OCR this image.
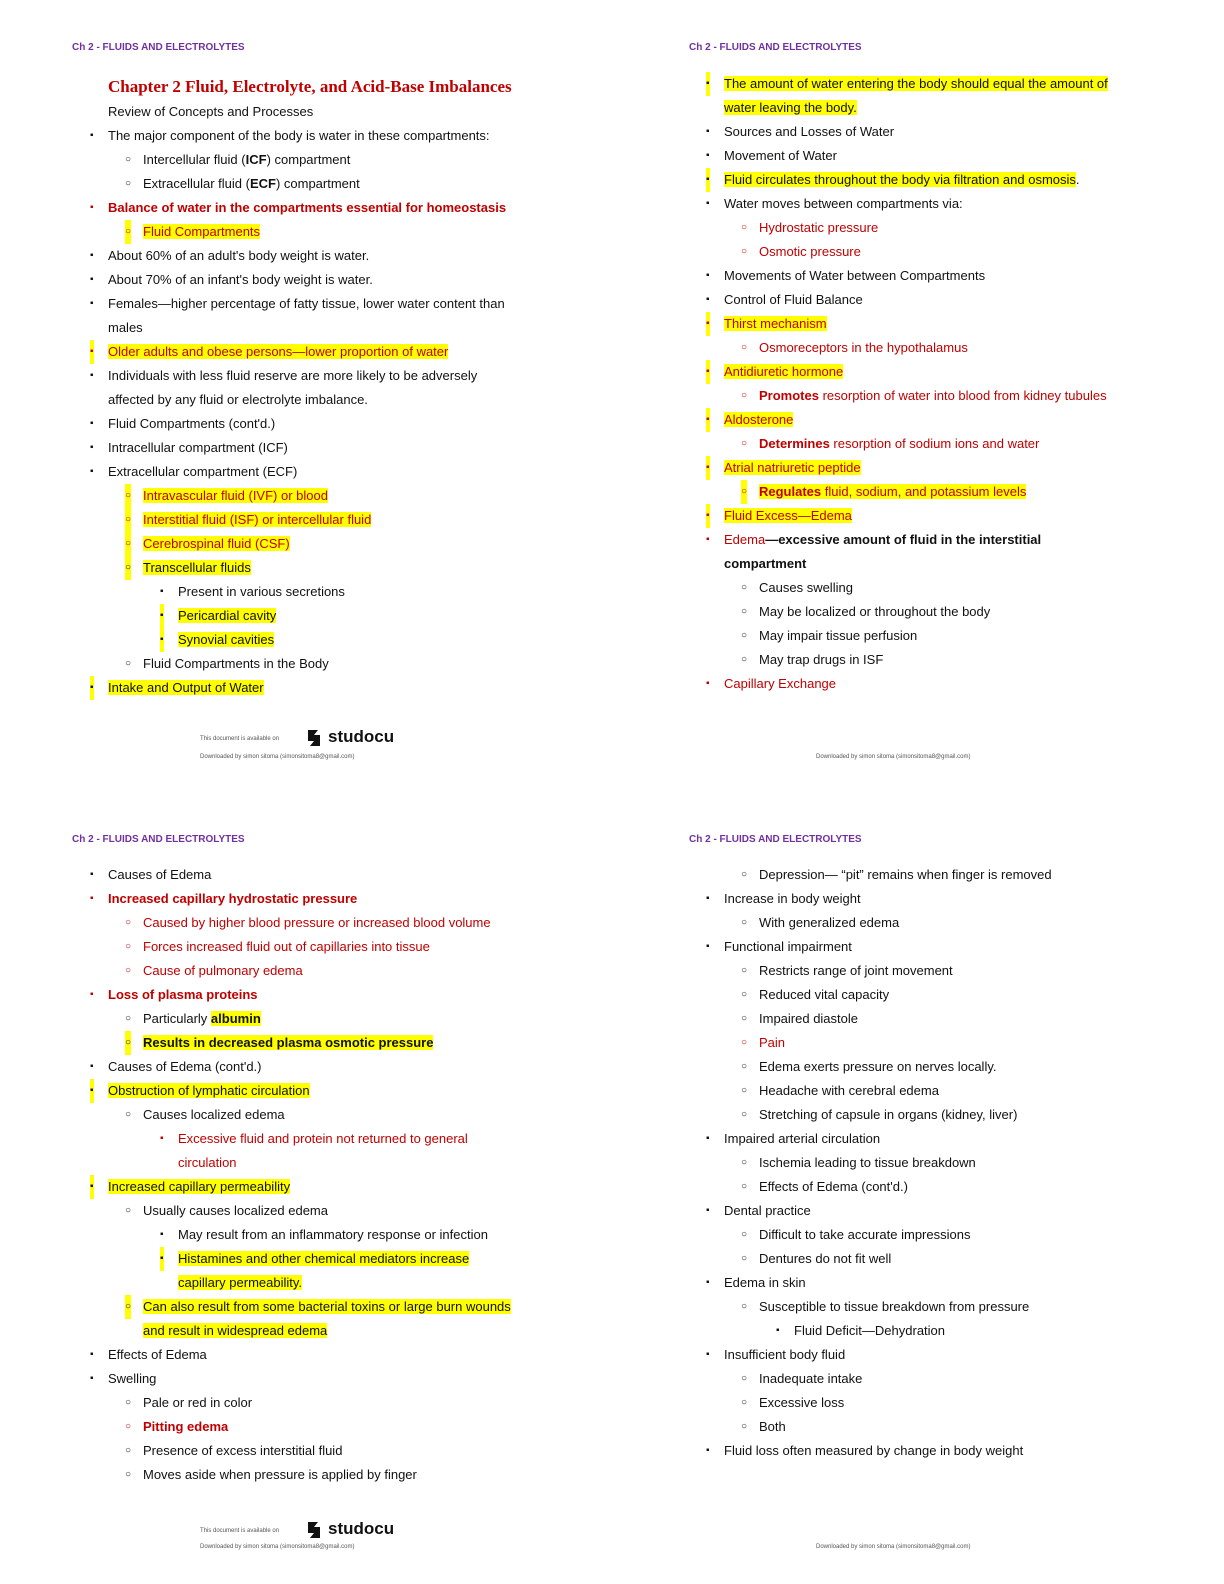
Ch 2 - FLUIDS AND ELECTROLYTES
Chapter 2 Fluid, Electrolyte, and Acid-Base Imbalances
Review of Concepts and Processes
▪ The major component of the body is water in these compartments:
○ Intercellular fluid (ICF) compartment
○ Extracellular fluid (ECF) compartment
▪ Balance of water in the compartments essential for homeostasis
○ Fluid Compartments
▪ About 60% of an adult's body weight is water.
▪ About 70% of an infant's body weight is water.
▪ Females—higher percentage of fatty tissue, lower water content than
males
▪ Older adults and obese persons—lower proportion of water
▪ Individuals with less fluid reserve are more likely to be adversely
affected by any fluid or electrolyte imbalance.
▪ Fluid Compartments (cont'd.)
▪ Intracellular compartment (ICF)
▪ Extracellular compartment (ECF)
○ Intravascular fluid (IVF) or blood
○ Interstitial fluid (ISF) or intercellular fluid
○ Cerebrospinal fluid (CSF)
○ Transcellular fluids
▪ Present in various secretions
▪ Pericardial cavity
▪ Synovial cavities
○ Fluid Compartments in the Body
▪ Intake and Output of Water
This document is available on	studocu
Downloaded by simon sitoma (simonsitoma8@gmail.com)
Ch 2 - FLUIDS AND ELECTROLYTES
▪ The amount of water entering the body should equal the amount of
water leaving the body.
▪ Sources and Losses of Water
▪ Movement of Water
▪ Fluid circulates throughout the body via filtration and osmosis.
▪ Water moves between compartments via:
○ Hydrostatic pressure
○ Osmotic pressure
▪ Movements of Water between Compartments
▪ Control of Fluid Balance
▪ Thirst mechanism
○ Osmoreceptors in the hypothalamus
▪ Antidiuretic hormone
○ Promotes resorption of water into blood from kidney tubules
▪ Aldosterone
○ Determines resorption of sodium ions and water
▪ Atrial natriuretic peptide
○ Regulates fluid, sodium, and potassium levels
▪ Fluid Excess—Edema
▪ Edema—excessive amount of fluid in the interstitial
compartment
○ Causes swelling
○ May be localized or throughout the body
○ May impair tissue perfusion
○ May trap drugs in ISF
▪ Capillary Exchange
Downloaded by simon sitoma (simonsitoma8@gmail.com)
Ch 2 - FLUIDS AND ELECTROLYTES
▪ Causes of Edema
▪ Increased capillary hydrostatic pressure
○ Caused by higher blood pressure or increased blood volume
○ Forces increased fluid out of capillaries into tissue
○ Cause of pulmonary edema
▪ Loss of plasma proteins
○ Particularly albumin
○ Results in decreased plasma osmotic pressure
▪ Causes of Edema (cont'd.)
▪ Obstruction of lymphatic circulation
○ Causes localized edema
▪ Excessive fluid and protein not returned to general
circulation
▪ Increased capillary permeability
○ Usually causes localized edema
▪ May result from an inflammatory response or infection
▪ Histamines and other chemical mediators increase
capillary permeability.
○ Can also result from some bacterial toxins or large burn wounds
and result in widespread edema
▪ Effects of Edema
▪ Swelling
○ Pale or red in color
○ Pitting edema
○ Presence of excess interstitial fluid
○ Moves aside when pressure is applied by finger
This document is available on	studocu
Downloaded by simon sitoma (simonsitoma8@gmail.com)
Ch 2 - FLUIDS AND ELECTROLYTES
○ Depression— “pit” remains when finger is removed
▪ Increase in body weight
○ With generalized edema
▪ Functional impairment
○ Restricts range of joint movement
○ Reduced vital capacity
○ Impaired diastole
○ Pain
○ Edema exerts pressure on nerves locally.
○ Headache with cerebral edema
○ Stretching of capsule in organs (kidney, liver)
▪ Impaired arterial circulation
○ Ischemia leading to tissue breakdown
○ Effects of Edema (cont'd.)
▪ Dental practice
○ Difficult to take accurate impressions
○ Dentures do not fit well
▪ Edema in skin
○ Susceptible to tissue breakdown from pressure
▪ Fluid Deficit—Dehydration
▪ Insufficient body fluid
○ Inadequate intake
○ Excessive loss
○ Both
▪ Fluid loss often measured by change in body weight
Downloaded by simon sitoma (simonsitoma8@gmail.com)
